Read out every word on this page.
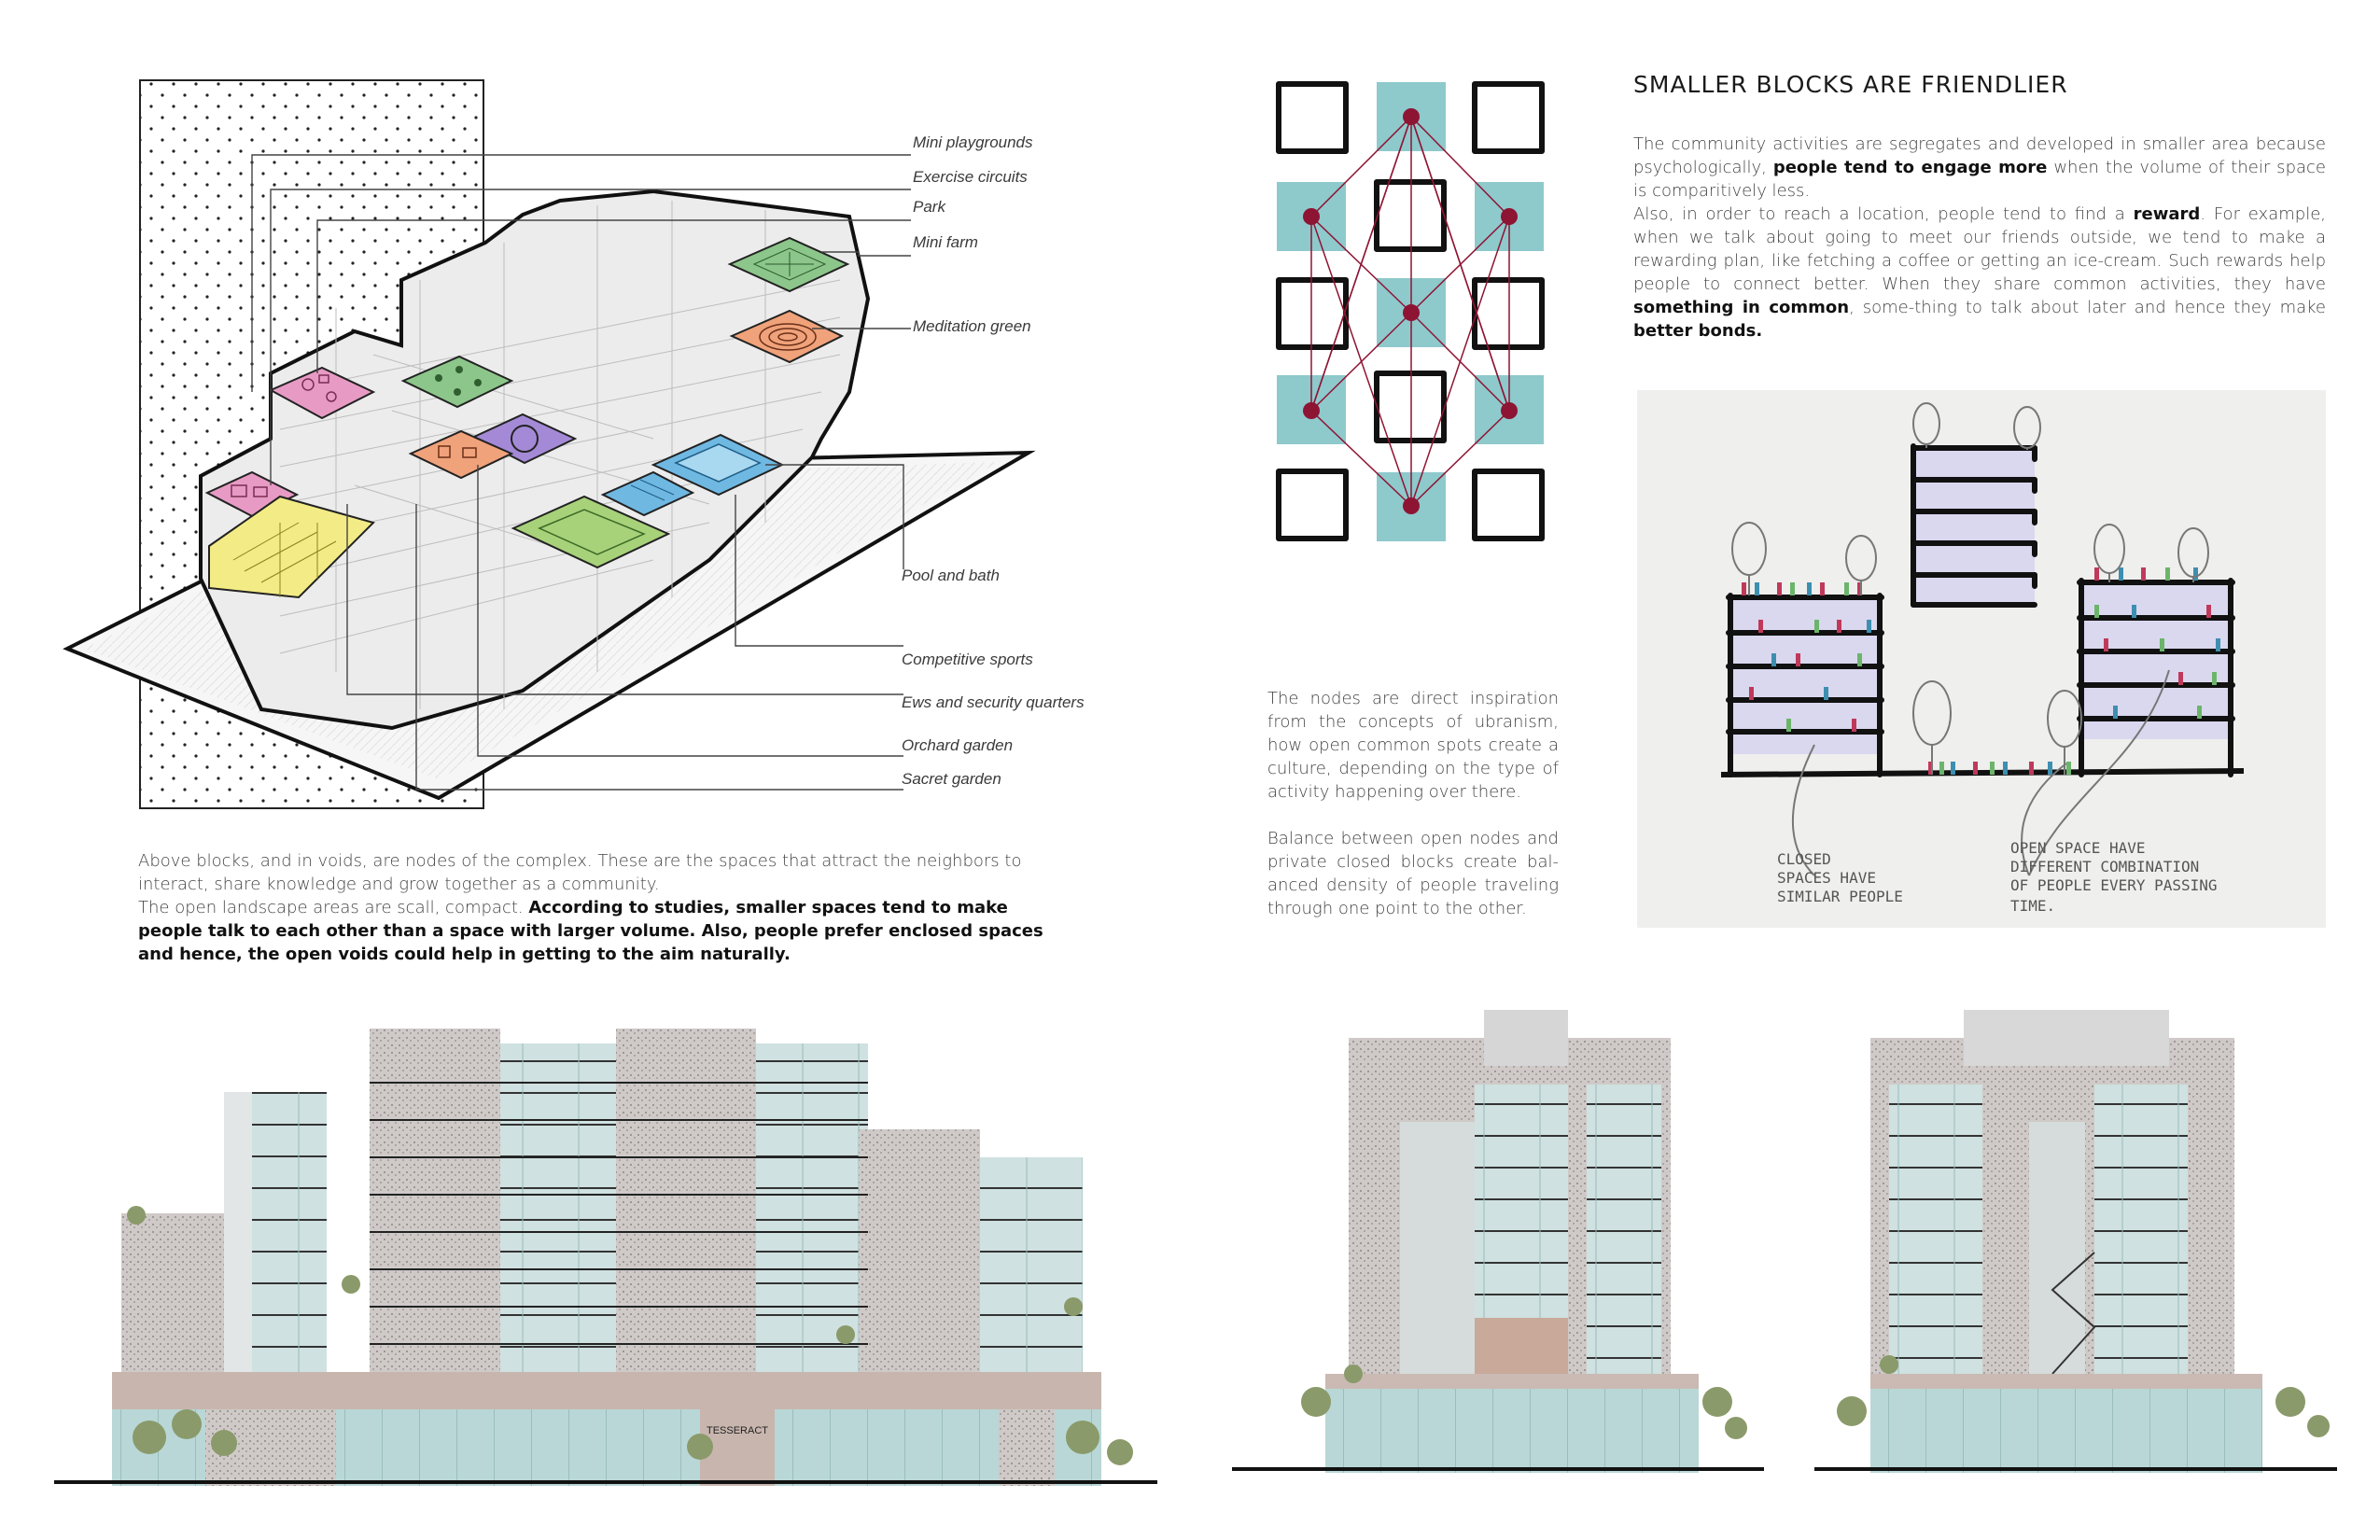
Mini playgrounds
Exercise circuits
Park
Mini farm
Meditation green
Pool and bath
Competitive sports
Ews and security quarters
Orchard garden
Sacret garden
Above blocks, and in voids, are nodes of the complex. These are the spaces that attract the neighbors to interact, share knowledge and grow together as a community.
The open landscape areas are scall, compact. According to studies, smaller spaces tend to make people talk to each other than a space with larger volume. Also, people prefer enclosed spaces and hence, the open voids could help in getting to the aim naturally.
The nodes are direct inspiration from the concepts of ubranism, how open common spots create a culture, depending on the type of activity happening over there.
Balance between open nodes and private closed blocks create bal-anced density of people traveling through one point to the other.
SMALLER BLOCKS ARE FRIENDLIER
The community activities are segregates and developed in smaller area because psychologically, people tend to engage more when the volume of their space is comparitively less.
Also, in order to reach a location, people tend to find a reward. For example, when we talk about going to meet our friends outside, we tend to make a rewarding plan, like fetching a coffee or getting an ice-cream. Such rewards help people to connect better. When they share common activities, they have something in common, some-thing to talk about later and hence they make better bonds.
CLOSED
SPACES HAVE
SIMILAR PEOPLE
OPEN SPACE HAVE
DIFFERENT COMBINATION
OF PEOPLE EVERY PASSING
TIME.
TESSERACT
